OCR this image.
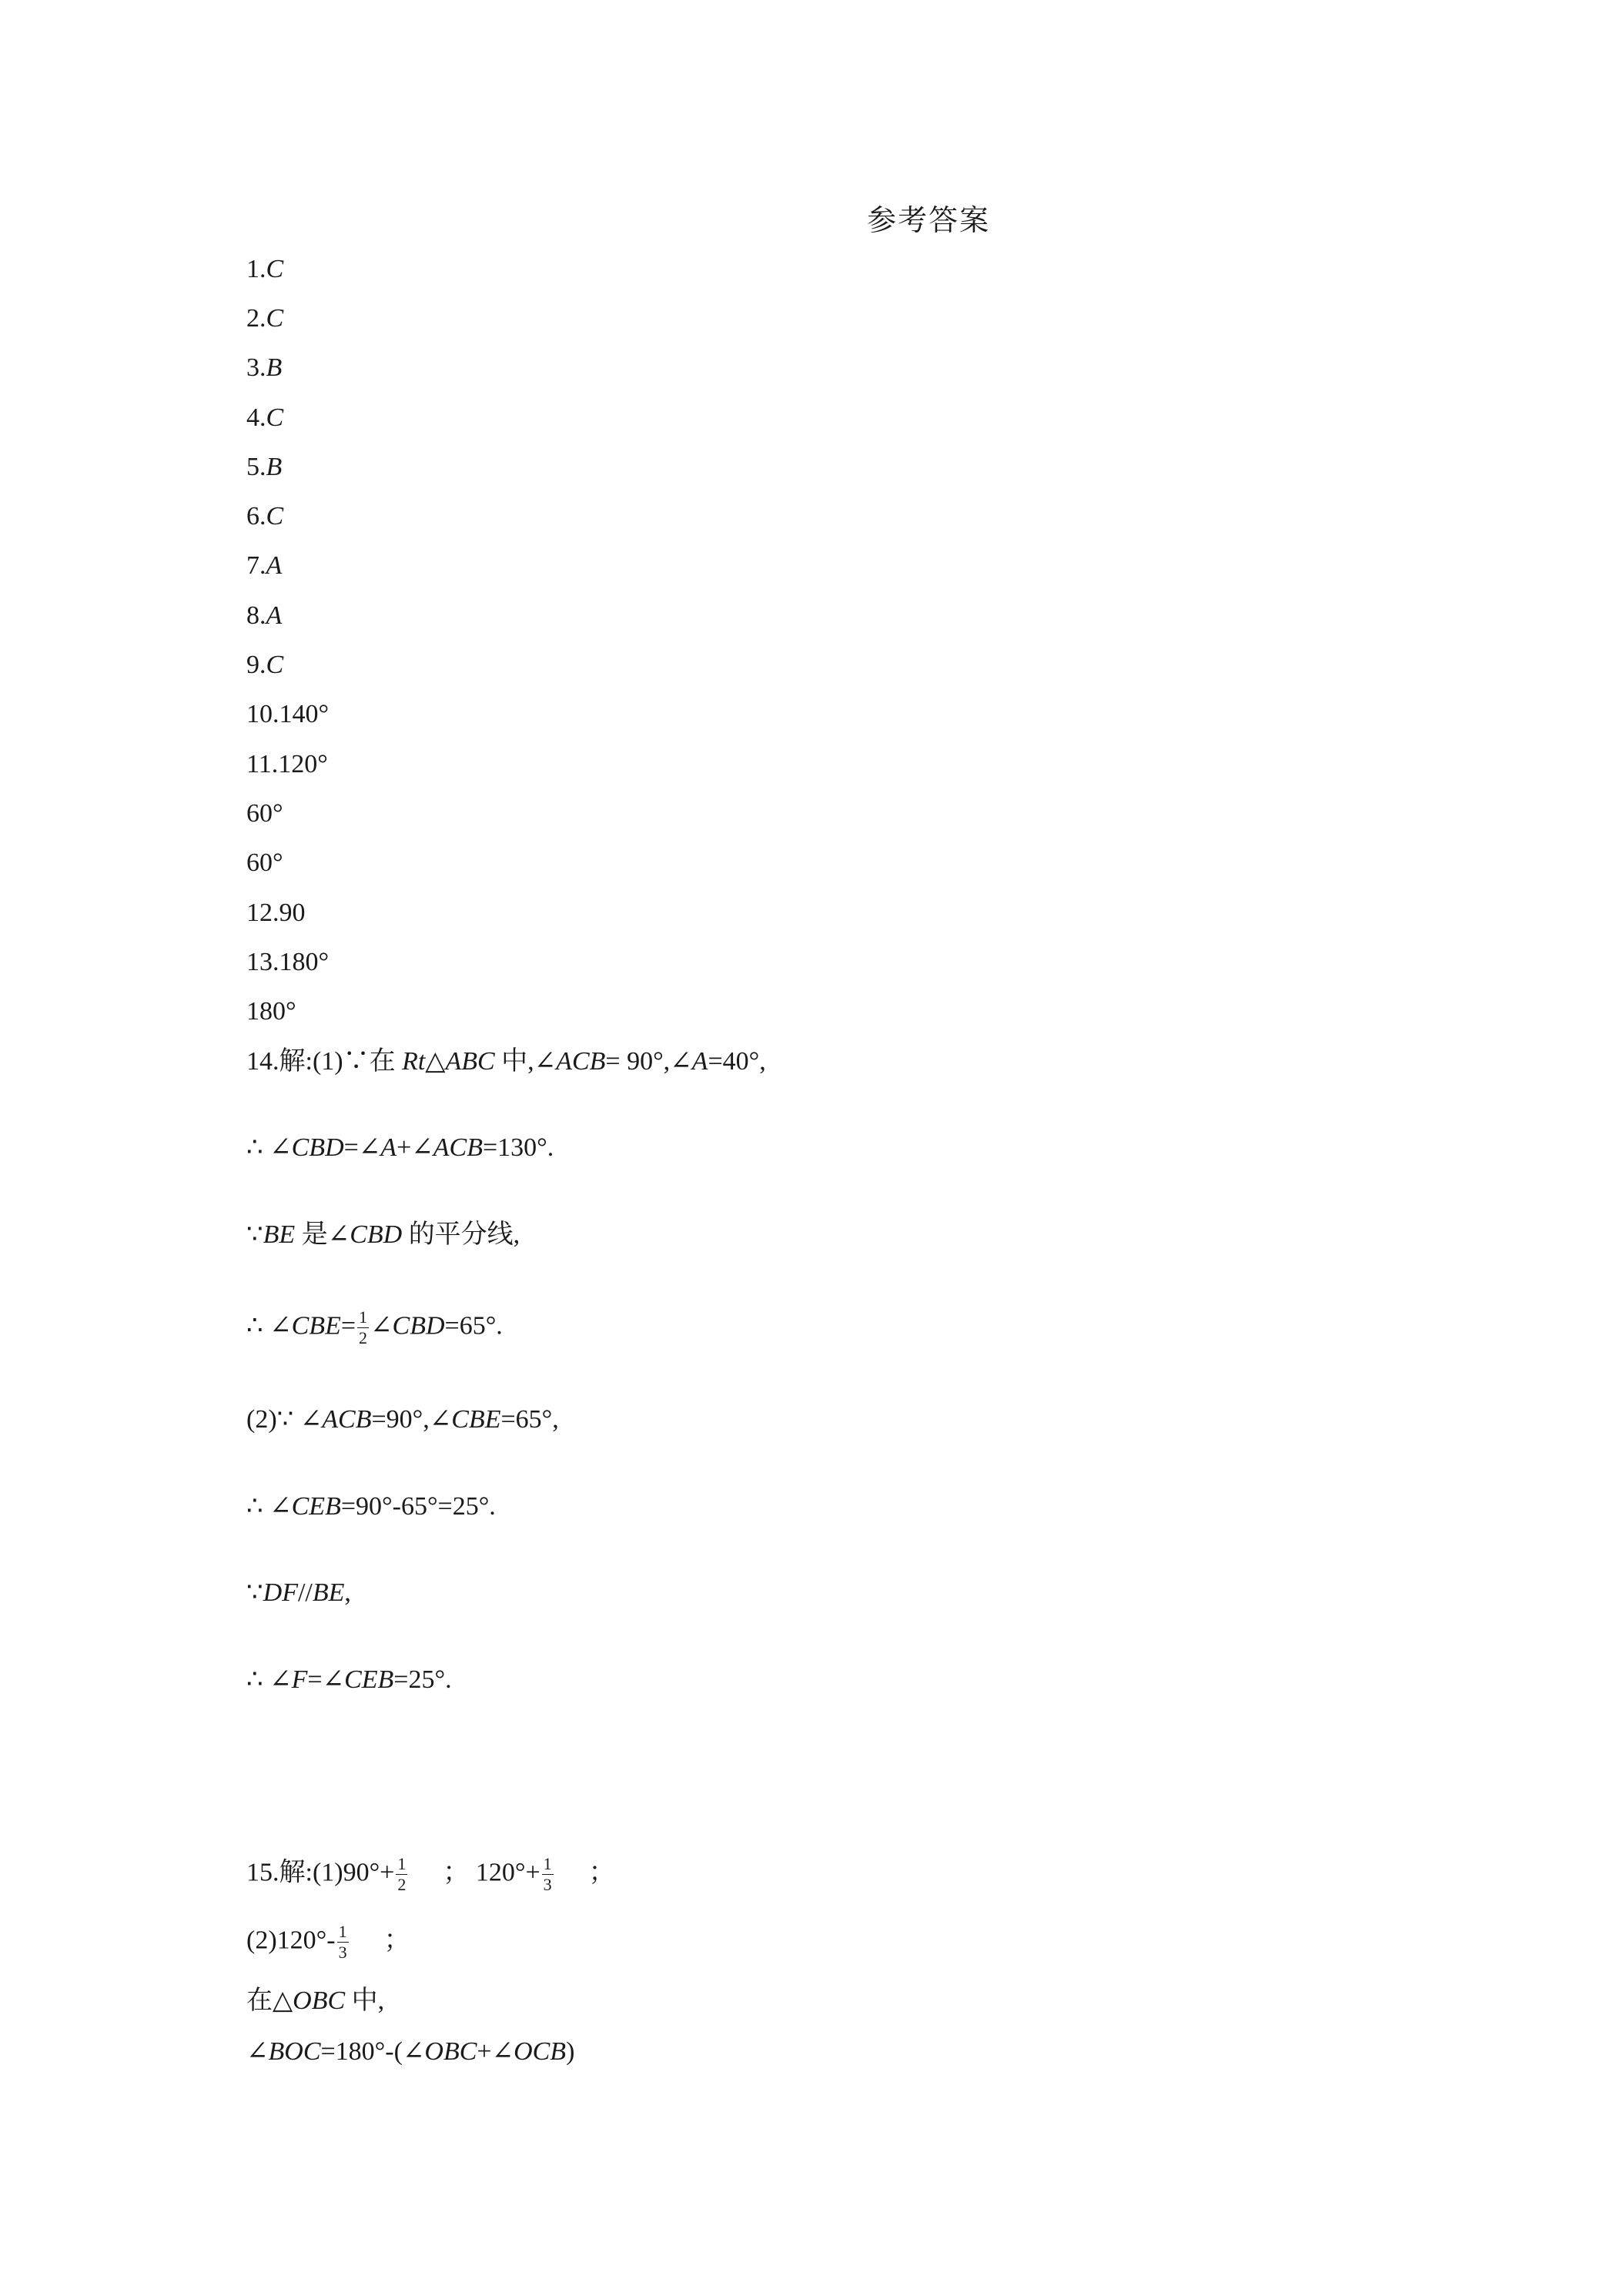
参考答案
1.C
2.C
3.B
4.C
5.B
6.C
7.A
8.A
9.C
10.140°
11.120°
60°
60°
12.90
13.180°
180°
14.解:(1)∵在 Rt△ABC 中,∠ACB= 90°,∠A=40°,
∴ ∠CBD=∠A+∠ACB=130°.
∵BE 是∠CBD 的平分线,
∴ ∠CBE= $\frac{1}{2}$ ∠CBD=65°.
(2)∵ ∠ACB=90°,∠CBE=65°,
∴ ∠CEB=90°-65°=25°.
∵DF//BE,
∴ ∠F=∠CEB=25°.
15.解:(1)90°+ $\frac{1}{2}$ ； $120^\circ+ \frac{1}{3}$ ；
$(2)120^\circ- \frac{1}{3}$ ；
在△OBC 中,
∠BOC=180°-(∠OBC+∠OCB)
